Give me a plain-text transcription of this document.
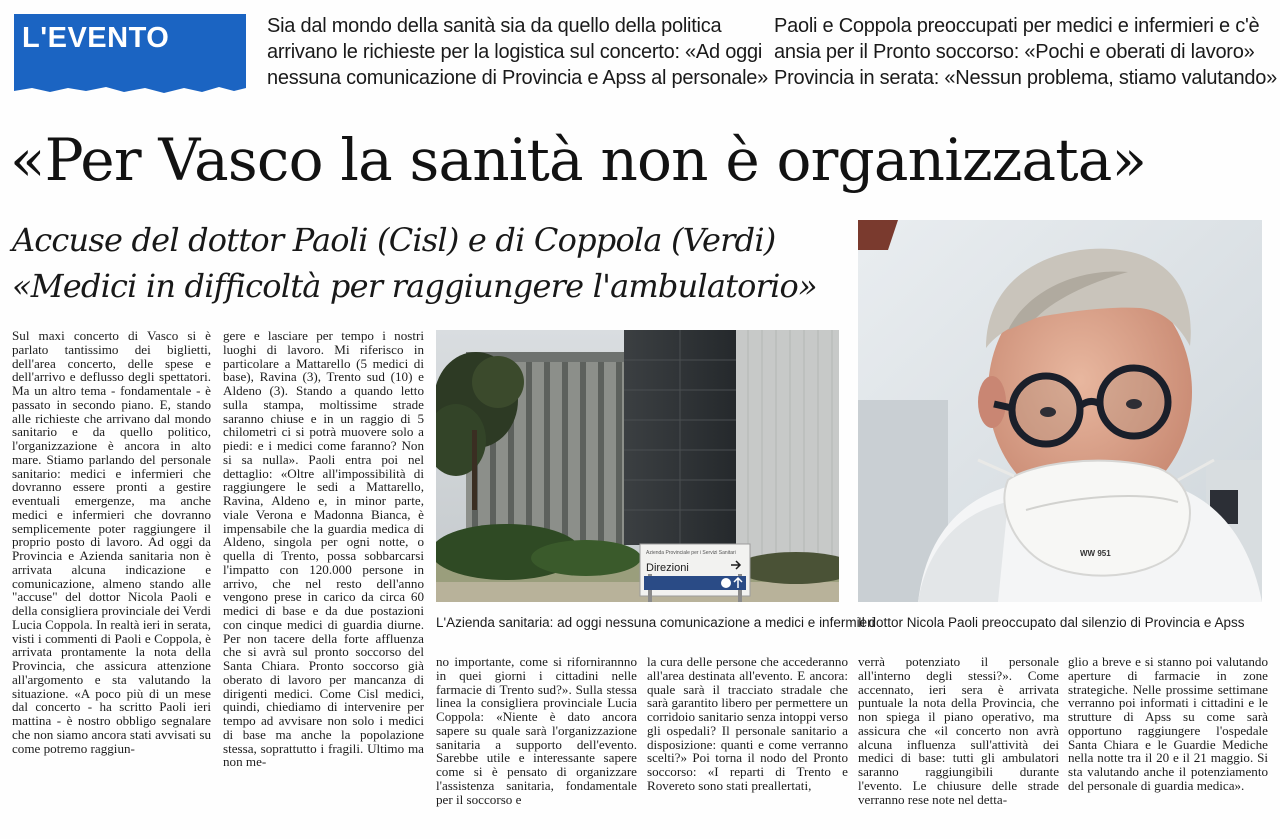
L'EVENTO	Sia dal mondo della sanità sia da quello della politica
arrivano le richieste per la logistica sul concerto: «Ad oggi
nessuna comunicazione di Provincia e Apss al personale»
Paoli e Coppola preoccupati per medici e infermieri e c'è
ansia per il Pronto soccorso: «Pochi e oberati di lavoro»
Provincia in serata: «Nessun problema, stiamo valutando»
«Per Vasco la sanità non è organizzata»
Accuse del dottor Paoli (Cisl) e di Coppola (Verdi)
«Medici in difficoltà per raggiungere l'ambulatorio»

Sul maxi concerto di Vasco si è parlato tantissimo dei biglietti, dell'area concerto, delle spese e dell'arrivo e deflusso degli spettatori. Ma un altro tema - fondamentale - è passato in secondo piano. E, stando alle richieste che arrivano dal mondo sanitario e da quello politico, l'organizzazione è ancora in alto mare. Stiamo parlando del personale sanitario: medici e infermieri che dovranno essere pronti a gestire eventuali emergenze, ma anche medici e infermieri che dovranno semplicemente poter raggiungere il proprio posto di lavoro. Ad oggi da Provincia e Azienda sanitaria non è arrivata alcuna indicazione e comunicazione, almeno stando alle "accuse" del dottor Nicola Paoli e della consigliera provinciale dei Verdi Lucia Coppola. In realtà ieri in serata, visti i commenti di Paoli e Coppola, è arrivata prontamente la nota della Provincia, che assicura attenzione all'argomento e sta valutando la situazione. «A poco più di un mese dal concerto - ha scritto Paoli ieri mattina - è nostro obbligo segnalare che non siamo ancora stati avvisati su come potremo raggiun-

gere e lasciare per tempo i nostri luoghi di lavoro. Mi riferisco in particolare a Mattarello (5 medici di base), Ravina (3), Trento sud (10) e Aldeno (3). Stando a quando letto sulla stampa, moltissime strade saranno chiuse e in un raggio di 5 chilometri ci si potrà muovere solo a piedi: e i medici come faranno? Non si sa nulla». Paoli entra poi nel dettaglio: «Oltre all'impossibilità di raggiungere le sedi a Mattarello, Ravina, Aldeno e, in minor parte, viale Verona e Madonna Bianca, è impensabile che la guardia medica di Aldeno, singola per ogni notte, o quella di Trento, possa sobbarcarsi l'impatto con 120.000 persone in arrivo, che nel resto dell'anno vengono prese in carico da circa 60 medici di base e da due postazioni con cinque medici di guardia diurne. Per non tacere della forte affluenza che si avrà sul pronto soccorso del Santa Chiara. Pronto soccorso già oberato di lavoro per mancanza di dirigenti medici. Come Cisl medici, quindi, chiediamo di intervenire per tempo ad avvisare non solo i medici di base ma anche la popolazione stessa, soprattutto i fragili. Ultimo ma non me-

no importante, come si rifornirannno in quei giorni i cittadini nelle farmacie di Trento sud?». Sulla stessa linea la consigliera provinciale Lucia Coppola: «Niente è dato ancora sapere su quale sarà l'organizzazione sanitaria a supporto dell'evento. Sarebbe utile e interessante sapere come si è pensato di organizzare l'assistenza sanitaria, fondamentale per il soccorso e

la cura delle persone che accederanno all'area destinata all'evento. E ancora: quale sarà il tracciato stradale che sarà garantito libero per permettere un corridoio sanitario senza intoppi verso gli ospedali? Il personale sanitario a disposizione: quanti e come verranno scelti?» Poi torna il nodo del Pronto soccorso: «I reparti di Trento e Rovereto sono stati preallertati,

verrà potenziato il personale all'interno degli stessi?». Come accennato, ieri sera è arrivata puntuale la nota della Provincia, che non spiega il piano operativo, ma assicura che «il concerto non avrà alcuna influenza sull'attività dei medici di base: tutti gli ambulatori saranno raggiungibili durante l'evento. Le chiusure delle strade verranno rese note nel detta-

glio a breve e si stanno poi valutando aperture di farmacie in zone strategiche. Nelle prossime settimane verranno poi informati i cittadini e le strutture di Apss su come sarà opportuno raggiungere l'ospedale Santa Chiara e le Guardie Mediche nella notte tra il 20 e il 21 maggio. Si sta valutando anche il potenziamento del personale di guardia medica».

Azienda Provinciale per i Servizi Sanitari
Direzioni
WW 951
L'Azienda sanitaria: ad oggi nessuna comunicazione a medici e infermieri
Il dottor Nicola Paoli preoccupato dal silenzio di Provincia e Apss
